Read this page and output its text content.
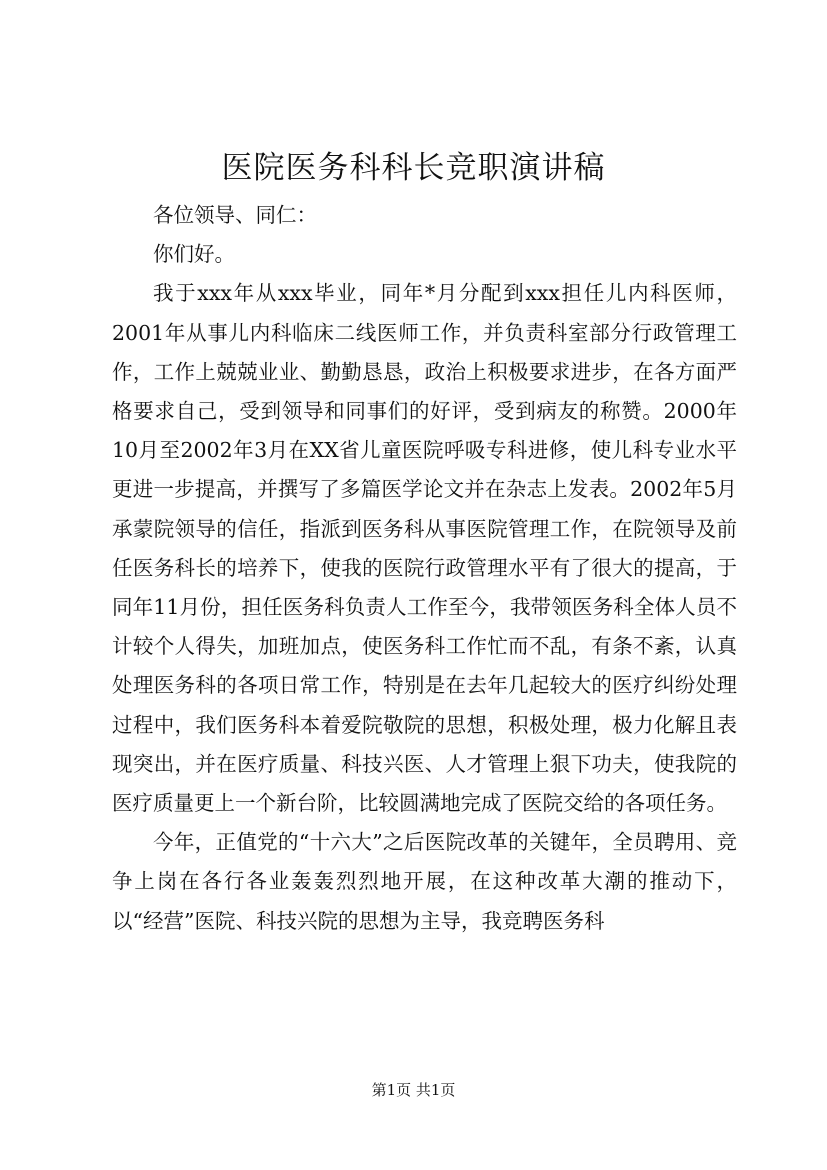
医院医务科科长竞职演讲稿

各位领导、同仁：

你们好。

我于xxx年从xxx毕业，同年*月分配到xxx担任儿内科医师，2001年从事儿内科临床二线医师工作，并负责科室部分行政管理工作，工作上兢兢业业、勤勤恳恳，政治上积极要求进步，在各方面严格要求自己，受到领导和同事们的好评，受到病友的称赞。2000年10月至2002年3月在XX省儿童医院呼吸专科进修，使儿科专业水平更进一步提高，并撰写了多篇医学论文并在杂志上发表。2002年5月承蒙院领导的信任，指派到医务科从事医院管理工作，在院领导及前任医务科长的培养下，使我的医院行政管理水平有了很大的提高，于同年11月份，担任医务科负责人工作至今，我带领医务科全体人员不计较个人得失，加班加点，使医务科工作忙而不乱，有条不紊，认真处理医务科的各项日常工作，特别是在去年几起较大的医疗纠纷处理过程中，我们医务科本着爱院敬院的思想，积极处理，极力化解且表现突出，并在医疗质量、科技兴医、人才管理上狠下功夫，使我院的医疗质量更上一个新台阶，比较圆满地完成了医院交给的各项任务。

今年，正值党的“十六大”之后医院改革的关键年，全员聘用、竞争上岗在各行各业轰轰烈烈地开展，在这种改革大潮的推动下，以“经营”医院、科技兴院的思想为主导，我竞聘医务科

第1页 共1页
